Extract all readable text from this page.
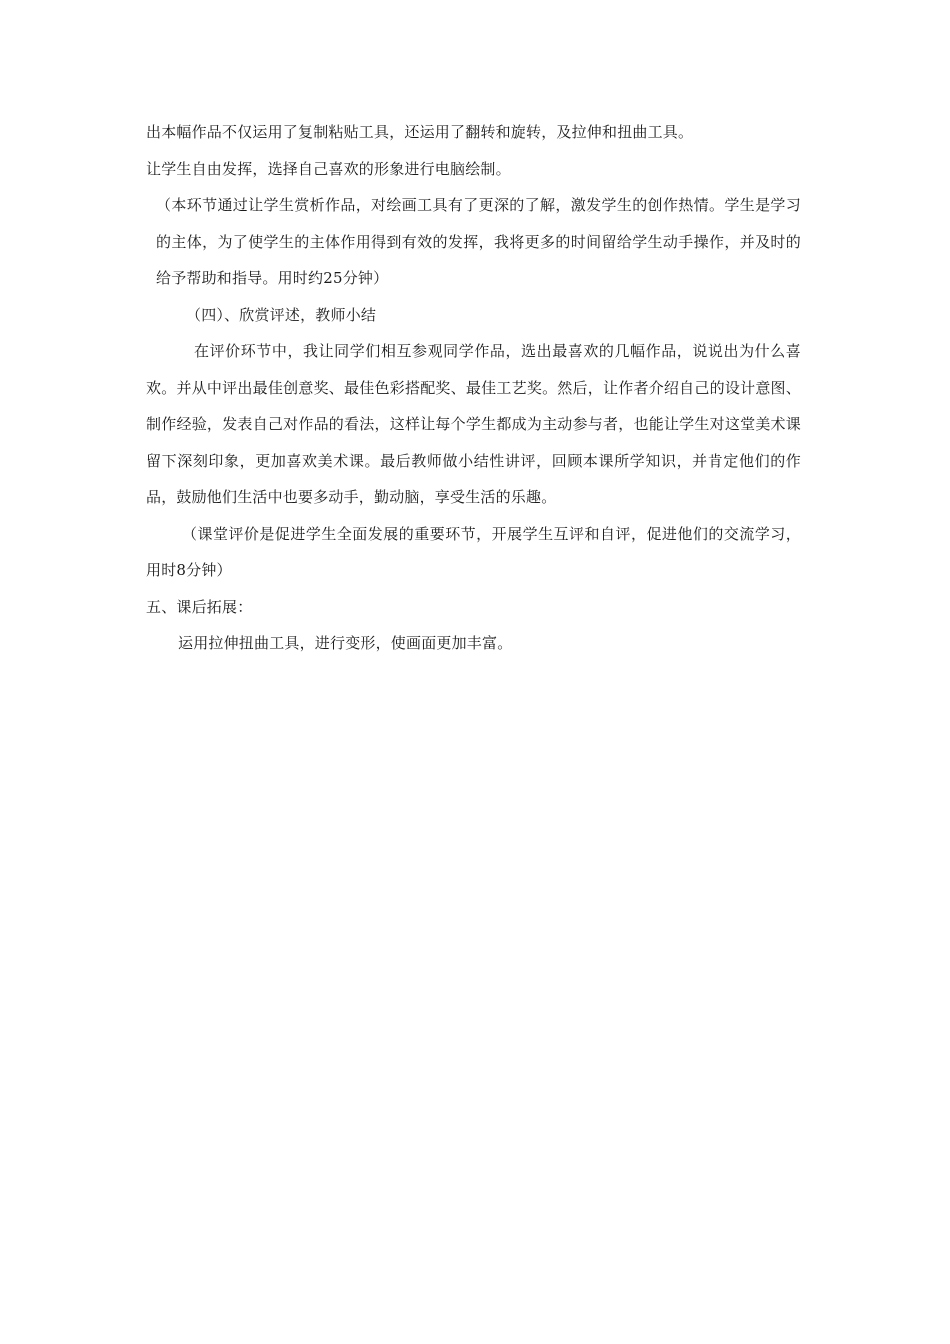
出本幅作品不仅运用了复制粘贴工具，还运用了翻转和旋转，及拉伸和扭曲工具。

让学生自由发挥，选择自己喜欢的形象进行电脑绘制。

（本环节通过让学生赏析作品，对绘画工具有了更深的了解，激发学生的创作热情。学生是学习的主体，为了使学生的主体作用得到有效的发挥，我将更多的时间留给学生动手操作，并及时的给予帮助和指导。用时约25分钟）

（四）、欣赏评述，教师小结

在评价环节中，我让同学们相互参观同学作品，选出最喜欢的几幅作品，说说出为什么喜欢。并从中评出最佳创意奖、最佳色彩搭配奖、最佳工艺奖。然后，让作者介绍自己的设计意图、制作经验，发表自己对作品的看法，这样让每个学生都成为主动参与者，也能让学生对这堂美术课留下深刻印象，更加喜欢美术课。最后教师做小结性讲评，回顾本课所学知识，并肯定他们的作品，鼓励他们生活中也要多动手，勤动脑，享受生活的乐趣。

（课堂评价是促进学生全面发展的重要环节，开展学生互评和自评，促进他们的交流学习，用时8分钟）

五、课后拓展：

运用拉伸扭曲工具，进行变形，使画面更加丰富。
